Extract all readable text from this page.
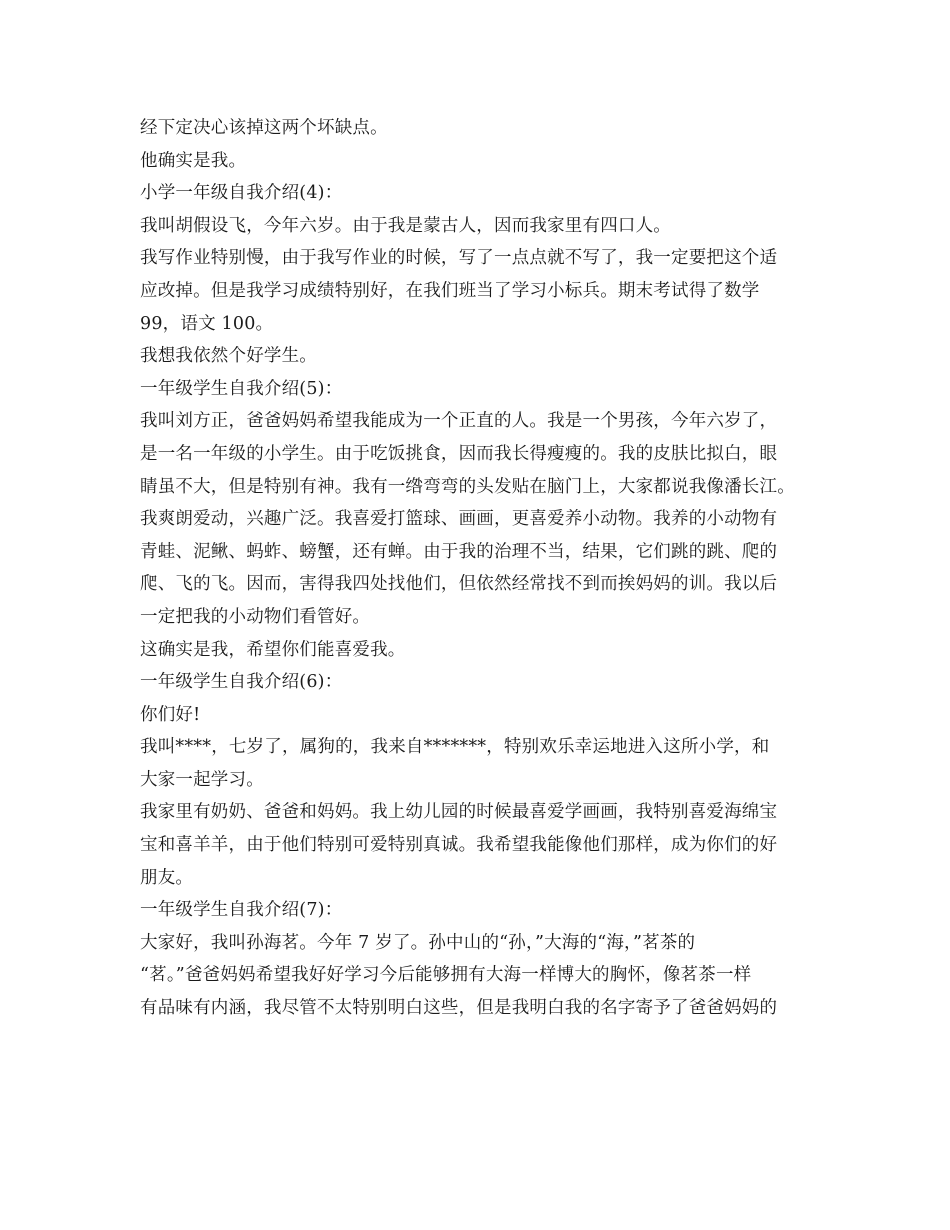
经下定决心该掉这两个坏缺点。
他确实是我。
小学一年级自我介绍(4)：
我叫胡假设飞，今年六岁。由于我是蒙古人，因而我家里有四口人。
我写作业特别慢，由于我写作业的时候，写了一点点就不写了，我一定要把这个适
应改掉。但是我学习成绩特别好，在我们班当了学习小标兵。期末考试得了数学
99，语文 100。
我想我依然个好学生。
一年级学生自我介绍(5)：
我叫刘方正，爸爸妈妈希望我能成为一个正直的人。我是一个男孩，今年六岁了，
是一名一年级的小学生。由于吃饭挑食，因而我长得瘦瘦的。我的皮肤比拟白，眼
睛虽不大，但是特别有神。我有一绺弯弯的头发贴在脑门上，大家都说我像潘长江。
我爽朗爱动，兴趣广泛。我喜爱打篮球、画画，更喜爱养小动物。我养的小动物有
青蛙、泥鳅、蚂蚱、螃蟹，还有蝉。由于我的治理不当，结果，它们跳的跳、爬的
爬、飞的飞。因而，害得我四处找他们，但依然经常找不到而挨妈妈的训。我以后
一定把我的小动物们看管好。
这确实是我，希望你们能喜爱我。
一年级学生自我介绍(6)：
你们好!
我叫****，七岁了，属狗的，我来自*******，特别欢乐幸运地进入这所小学，和
大家一起学习。
我家里有奶奶、爸爸和妈妈。我上幼儿园的时候最喜爱学画画，我特别喜爱海绵宝
宝和喜羊羊，由于他们特别可爱特别真诚。我希望我能像他们那样，成为你们的好
朋友。
一年级学生自我介绍(7)：
大家好，我叫孙海茗。今年 7 岁了。孙中山的“孙，”大海的“海，”茗茶的
“茗。”爸爸妈妈希望我好好学习今后能够拥有大海一样博大的胸怀，像茗茶一样
有品味有内涵，我尽管不太特别明白这些，但是我明白我的名字寄予了爸爸妈妈的
